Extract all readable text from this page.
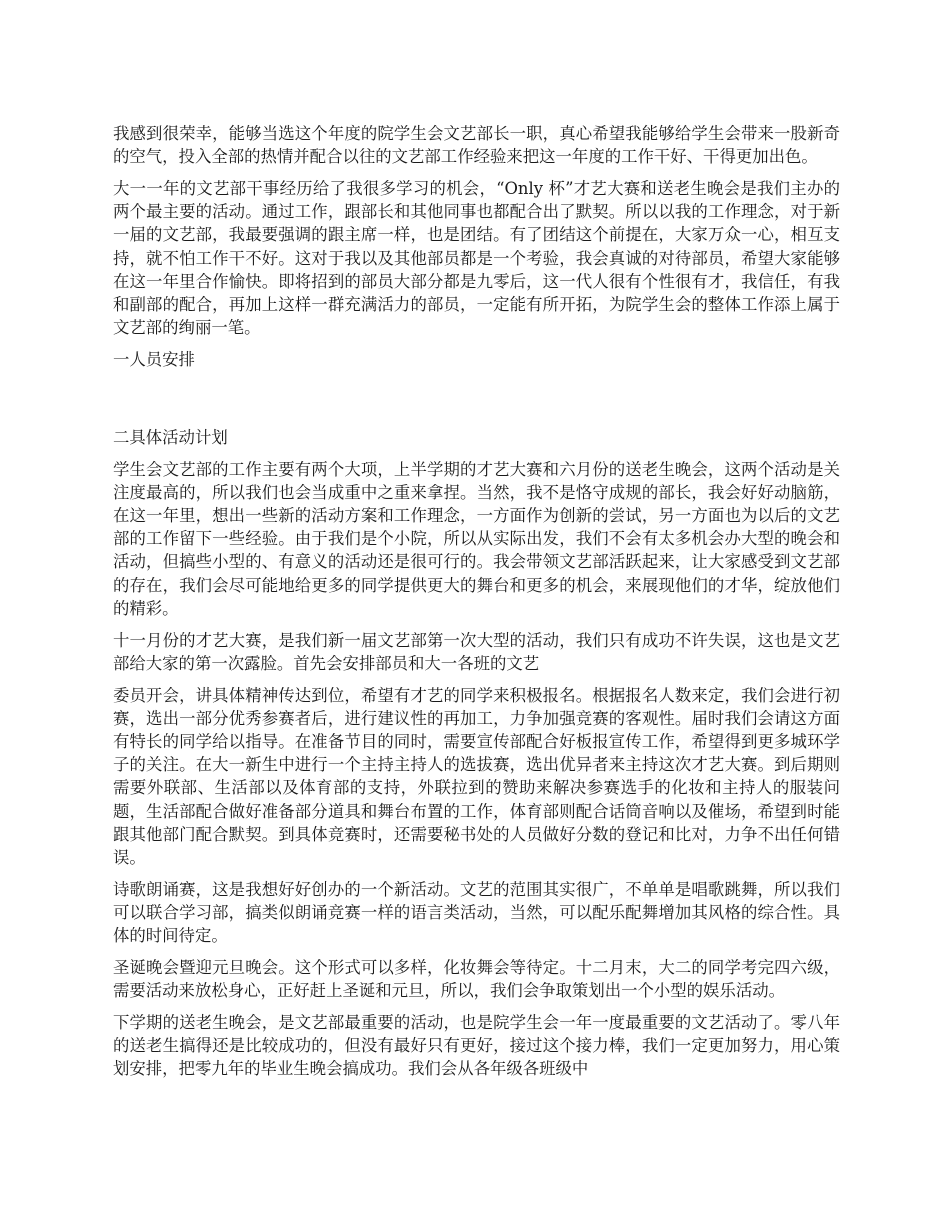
我感到很荣幸，能够当选这个年度的院学生会文艺部长一职，真心希望我能够给学生会带来一股新奇的空气，投入全部的热情并配合以往的文艺部工作经验来把这一年度的工作干好、干得更加出色。

大一一年的文艺部干事经历给了我很多学习的机会，“Only 杯”才艺大赛和送老生晚会是我们主办的两个最主要的活动。通过工作，跟部长和其他同事也都配合出了默契。所以以我的工作理念，对于新一届的文艺部，我最要强调的跟主席一样，也是团结。有了团结这个前提在，大家万众一心，相互支持，就不怕工作干不好。这对于我以及其他部员都是一个考验，我会真诚的对待部员，希望大家能够在这一年里合作愉快。即将招到的部员大部分都是九零后，这一代人很有个性很有才，我信任，有我和副部的配合，再加上这样一群充满活力的部员，一定能有所开拓，为院学生会的整体工作添上属于文艺部的绚丽一笔。

一人员安排

二具体活动计划

学生会文艺部的工作主要有两个大项，上半学期的才艺大赛和六月份的送老生晚会，这两个活动是关注度最高的，所以我们也会当成重中之重来拿捏。当然，我不是恪守成规的部长，我会好好动脑筋，在这一年里，想出一些新的活动方案和工作理念，一方面作为创新的尝试，另一方面也为以后的文艺部的工作留下一些经验。由于我们是个小院，所以从实际出发，我们不会有太多机会办大型的晚会和活动，但搞些小型的、有意义的活动还是很可行的。我会带领文艺部活跃起来，让大家感受到文艺部的存在，我们会尽可能地给更多的同学提供更大的舞台和更多的机会，来展现他们的才华，绽放他们的精彩。

十一月份的才艺大赛，是我们新一届文艺部第一次大型的活动，我们只有成功不许失误，这也是文艺部给大家的第一次露脸。首先会安排部员和大一各班的文艺

委员开会，讲具体精神传达到位，希望有才艺的同学来积极报名。根据报名人数来定，我们会进行初赛，选出一部分优秀参赛者后，进行建议性的再加工，力争加强竞赛的客观性。届时我们会请这方面有特长的同学给以指导。在准备节目的同时，需要宣传部配合好板报宣传工作，希望得到更多城环学子的关注。在大一新生中进行一个主持主持人的选拔赛，选出优异者来主持这次才艺大赛。到后期则需要外联部、生活部以及体育部的支持，外联拉到的赞助来解决参赛选手的化妆和主持人的服装问题，生活部配合做好准备部分道具和舞台布置的工作，体育部则配合话筒音响以及催场，希望到时能跟其他部门配合默契。到具体竞赛时，还需要秘书处的人员做好分数的登记和比对，力争不出任何错误。

诗歌朗诵赛，这是我想好好创办的一个新活动。文艺的范围其实很广，不单单是唱歌跳舞，所以我们可以联合学习部，搞类似朗诵竞赛一样的语言类活动，当然，可以配乐配舞增加其风格的综合性。具体的时间待定。

圣诞晚会暨迎元旦晚会。这个形式可以多样，化妆舞会等待定。十二月末，大二的同学考完四六级，需要活动来放松身心，正好赶上圣诞和元旦，所以，我们会争取策划出一个小型的娱乐活动。

下学期的送老生晚会，是文艺部最重要的活动，也是院学生会一年一度最重要的文艺活动了。零八年的送老生搞得还是比较成功的，但没有最好只有更好，接过这个接力棒，我们一定更加努力，用心策划安排，把零九年的毕业生晚会搞成功。我们会从各年级各班级中
